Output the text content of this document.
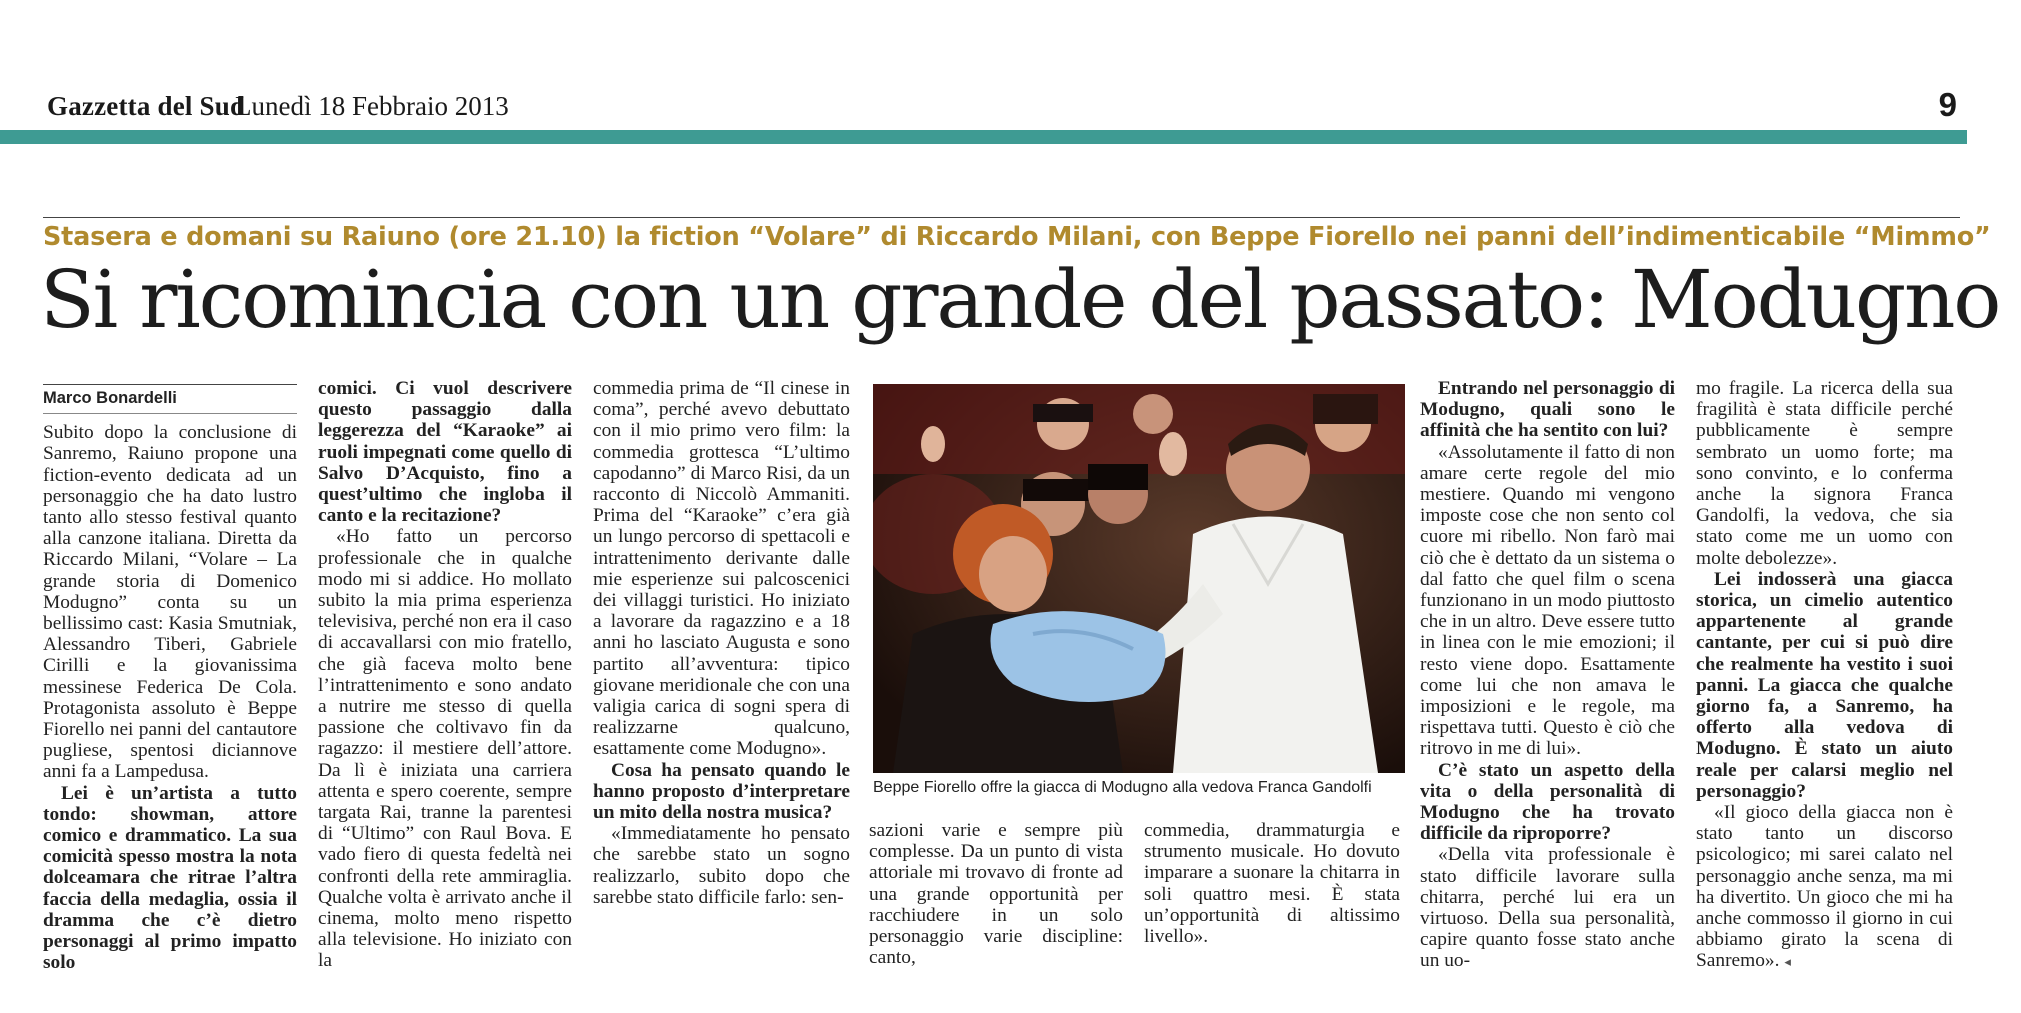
Gazzetta del Sud
Lunedì 18 Febbraio 2013	9
Stasera e domani su Raiuno (ore 21.10) la fiction “Volare” di Riccardo Milani, con Beppe Fiorello nei panni dell’indimenticabile “Mimmo”
Si ricomincia con un grande del passato: Modugno
Marco Bonardelli

Subito dopo la conclusione di Sanremo, Raiuno propone una fiction-evento dedicata ad un personaggio che ha dato lustro tanto allo stesso festival quanto alla canzone italiana. Diretta da Riccardo Milani, “Volare – La grande storia di Domenico Modugno” conta su un bellissimo cast: Kasia Smutniak, Alessandro Tiberi, Gabriele Cirilli e la giovanissima messinese Federica De Cola. Protagonista assoluto è Beppe Fiorello nei panni del cantautore pugliese, spentosi diciannove anni fa a Lampedusa.

Lei è un’artista a tutto tondo: showman, attore comico e drammatico. La sua comicità spesso mostra la nota dolceamara che ritrae l’altra faccia della medaglia, ossia il dramma che c’è dietro personaggi al primo impatto solo

comici. Ci vuol descrivere questo passaggio dalla leggerezza del “Karaoke” ai ruoli impegnati come quello di Salvo D’Acquisto, fino a quest’ultimo che ingloba il canto e la recitazione?

«Ho fatto un percorso professionale che in qualche modo mi si addice. Ho mollato subito la mia prima esperienza televisiva, perché non era il caso di accavallarsi con mio fratello, che già faceva molto bene l’intrattenimento e sono andato a nutrire me stesso di quella passione che coltivavo fin da ragazzo: il mestiere dell’attore. Da lì è iniziata una carriera attenta e spero coerente, sempre targata Rai, tranne la parentesi di “Ultimo” con Raul Bova. E vado fiero di questa fedeltà nei confronti della rete ammiraglia. Qualche volta è arrivato anche il cinema, molto meno rispetto alla televisione. Ho iniziato con la

commedia prima de “Il cinese in coma”, perché avevo debuttato con il mio primo vero film: la commedia grottesca “L’ultimo capodanno” di Marco Risi, da un racconto di Niccolò Ammaniti. Prima del “Karaoke” c’era già un lungo percorso di spettacoli e intrattenimento derivante dalle mie esperienze sui palcoscenici dei villaggi turistici. Ho iniziato a lavorare da ragazzino e a 18 anni ho lasciato Augusta e sono partito all’avventura: tipico giovane meridionale che con una valigia carica di sogni spera di realizzarne qualcuno, esattamente come Modugno».

Cosa ha pensato quando le hanno proposto d’interpretare un mito della nostra musica?

«Immediatamente ho pensato che sarebbe stato un sogno realizzarlo, subito dopo che sarebbe stato difficile farlo: sen-

Beppe Fiorello offre la giacca di Modugno alla vedova Franca Gandolfi

sazioni varie e sempre più complesse. Da un punto di vista attoriale mi trovavo di fronte ad una grande opportunità per racchiudere in un solo personaggio varie discipline: canto,

commedia, drammaturgia e strumento musicale. Ho dovuto imparare a suonare la chitarra in soli quattro mesi. È stata un’opportunità di altissimo livello».

Entrando nel personaggio di Modugno, quali sono le affinità che ha sentito con lui?

«Assolutamente il fatto di non amare certe regole del mio mestiere. Quando mi vengono imposte cose che non sento col cuore mi ribello. Non farò mai ciò che è dettato da un sistema o dal fatto che quel film o scena funzionano in un modo piuttosto che in un altro. Deve essere tutto in linea con le mie emozioni; il resto viene dopo. Esattamente come lui che non amava le imposizioni e le regole, ma rispettava tutti. Questo è ciò che ritrovo in me di lui».

C’è stato un aspetto della vita o della personalità di Modugno che ha trovato difficile da riproporre?

«Della vita professionale è stato difficile lavorare sulla chitarra, perché lui era un virtuoso. Della sua personalità, capire quanto fosse stato anche un uo-

mo fragile. La ricerca della sua fragilità è stata difficile perché pubblicamente è sempre sembrato un uomo forte; ma sono convinto, e lo conferma anche la signora Franca Gandolfi, la vedova, che sia stato come me un uomo con molte debolezze».

Lei indosserà una giacca storica, un cimelio autentico appartenente al grande cantante, per cui si può dire che realmente ha vestito i suoi panni. La giacca che qualche giorno fa, a Sanremo, ha offerto alla vedova di Modugno. È stato un aiuto reale per calarsi meglio nel personaggio?

«Il gioco della giacca non è stato tanto un discorso psicologico; mi sarei calato nel personaggio anche senza, ma mi ha divertito. Un gioco che mi ha anche commosso il giorno in cui abbiamo girato la scena di Sanremo». ◂
